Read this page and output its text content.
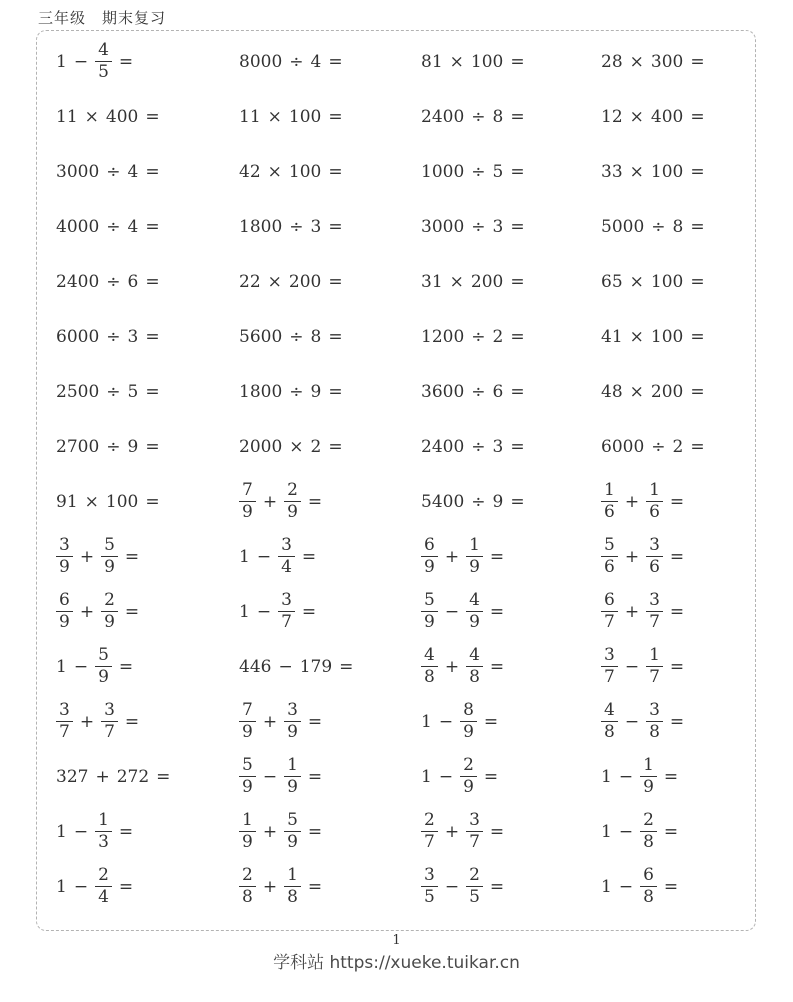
三年级　期末复习
$1 - \frac{4}{5}$ =	8000 ÷ 4 =	81 × 100 =	28 × 300 =
11 × 400 =	11 × 100 =	2400 ÷ 8 =	12 × 400 =
3000 ÷ 4 =	42 × 100 =	1000 ÷ 5 =	33 × 100 =
4000 ÷ 4 =	1800 ÷ 3 =	3000 ÷ 3 =	5000 ÷ 8 =
2400 ÷ 6 =	22 × 200 =	31 × 200 =	65 × 100 =
6000 ÷ 3 =	5600 ÷ 8 =	1200 ÷ 2 =	41 × 100 =
2500 ÷ 5 =	1800 ÷ 9 =	3600 ÷ 6 =	48 × 200 =
2700 ÷ 9 =	2000 × 2 =	2400 ÷ 3 =	6000 ÷ 2 =
91 × 100 =	$\frac{7}{9} + \frac{2}{9}$ =	5400 ÷ 9 =	$\frac{1}{6} + \frac{1}{6}$ =
$\frac{3}{9} + \frac{5}{9}$ =	$1 - \frac{3}{4}$ =	$\frac{6}{9} + \frac{1}{9}$ =	$\frac{5}{6} + \frac{3}{6}$ =
$\frac{6}{9} + \frac{2}{9}$ =	$1 - \frac{3}{7}$ =	$\frac{5}{9} - \frac{4}{9}$ =	$\frac{6}{7} + \frac{3}{7}$ =
$1 - \frac{5}{9}$ =	446 − 179 =	$\frac{4}{8} + \frac{4}{8}$ =	$\frac{3}{7} - \frac{1}{7}$ =
$\frac{3}{7} + \frac{3}{7}$ =	$\frac{7}{9} + \frac{3}{9}$ =	$1 - \frac{8}{9}$ =	$\frac{4}{8} - \frac{3}{8}$ =
327 + 272 =	$\frac{5}{9} - \frac{1}{9}$ =	$1 - \frac{2}{9}$ =	$1 - \frac{1}{9}$ =
$1 - \frac{1}{3}$ =	$\frac{1}{9} + \frac{5}{9}$ =	$\frac{2}{7} + \frac{3}{7}$ =	$1 - \frac{2}{8}$ =
$1 - \frac{2}{4}$ =	$\frac{2}{8} + \frac{1}{8}$ =	$\frac{3}{5} - \frac{2}{5}$ =	$1 - \frac{6}{8}$ =
1
学科站 https://xueke.tuikar.cn
